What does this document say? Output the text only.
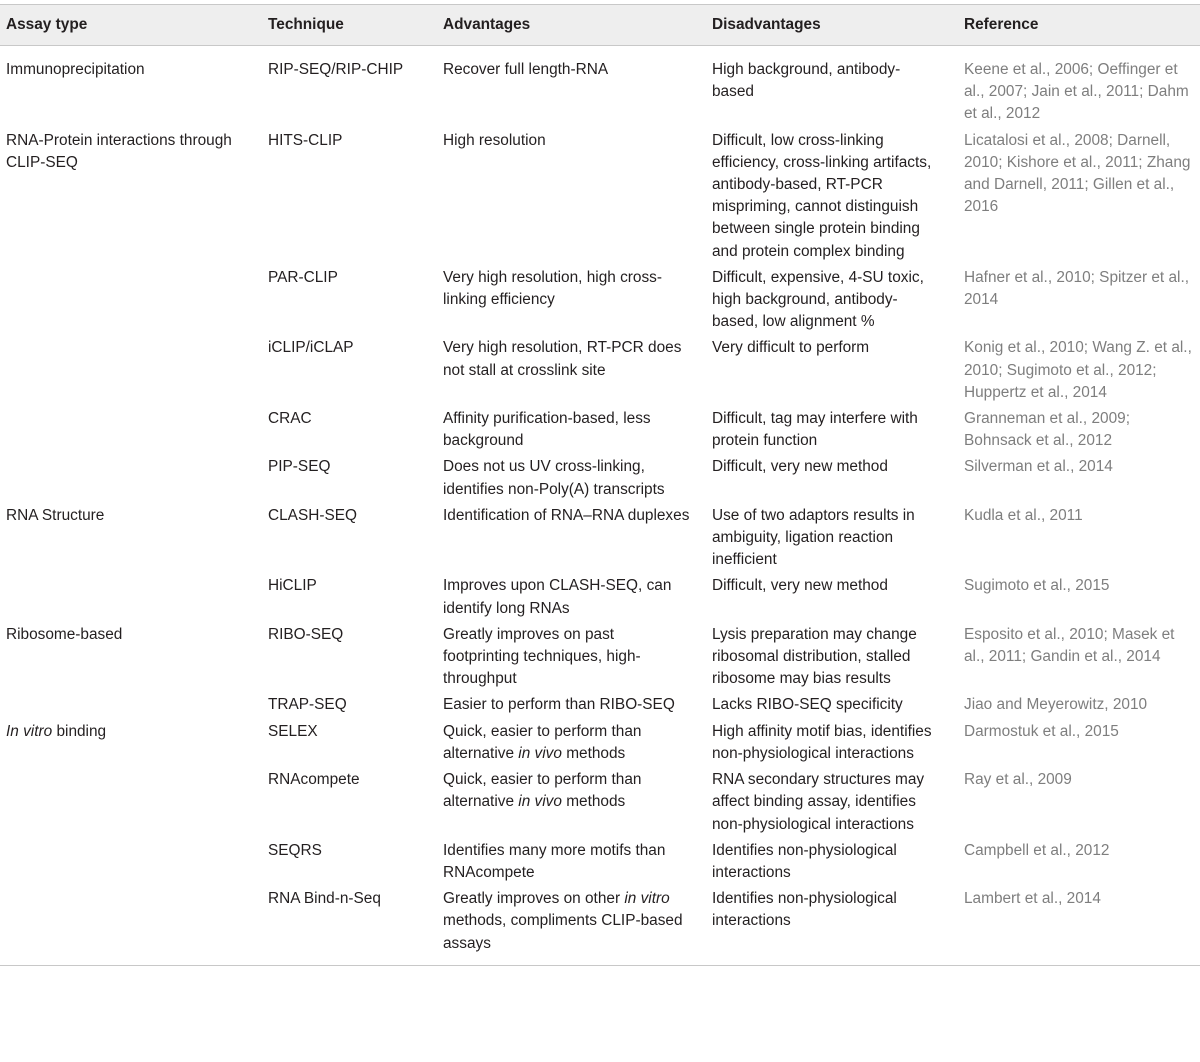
Assay type	Technique	Advantages	Disadvantages	Reference
Immunoprecipitation	RIP-SEQ/RIP-CHIP	Recover full length-RNA	High background, antibody-based	Keene et al., 2006; Oeffinger et al., 2007; Jain et al., 2011; Dahm et al., 2012
RNA-Protein interactions through CLIP-SEQ	HITS-CLIP	High resolution	Difficult, low cross-linking efficiency, cross-linking artifacts, antibody-based, RT-PCR mispriming, cannot distinguish between single protein binding and protein complex binding	Licatalosi et al., 2008; Darnell, 2010; Kishore et al., 2011; Zhang and Darnell, 2011; Gillen et al., 2016
	PAR-CLIP	Very high resolution, high cross-linking efficiency	Difficult, expensive, 4-SU toxic, high background, antibody-based, low alignment %	Hafner et al., 2010; Spitzer et al., 2014
	iCLIP/iCLAP	Very high resolution, RT-PCR does not stall at crosslink site	Very difficult to perform	Konig et al., 2010; Wang Z. et al., 2010; Sugimoto et al., 2012; Huppertz et al., 2014
	CRAC	Affinity purification-based, less background	Difficult, tag may interfere with protein function	Granneman et al., 2009; Bohnsack et al., 2012
	PIP-SEQ	Does not us UV cross-linking, identifies non-Poly(A) transcripts	Difficult, very new method	Silverman et al., 2014
RNA Structure	CLASH-SEQ	Identification of RNA–RNA duplexes	Use of two adaptors results in ambiguity, ligation reaction inefficient	Kudla et al., 2011
	HiCLIP	Improves upon CLASH-SEQ, can identify long RNAs	Difficult, very new method	Sugimoto et al., 2015
Ribosome-based	RIBO-SEQ	Greatly improves on past footprinting techniques, high-throughput	Lysis preparation may change ribosomal distribution, stalled ribosome may bias results	Esposito et al., 2010; Masek et al., 2011; Gandin et al., 2014
	TRAP-SEQ	Easier to perform than RIBO-SEQ	Lacks RIBO-SEQ specificity	Jiao and Meyerowitz, 2010
In vitro binding	SELEX	Quick, easier to perform than alternative in vivo methods	High affinity motif bias, identifies non-physiological interactions	Darmostuk et al., 2015
	RNAcompete	Quick, easier to perform than alternative in vivo methods	RNA secondary structures may affect binding assay, identifies non-physiological interactions	Ray et al., 2009
	SEQRS	Identifies many more motifs than RNAcompete	Identifies non-physiological interactions	Campbell et al., 2012
	RNA Bind-n-Seq	Greatly improves on other in vitro methods, compliments CLIP-based assays	Identifies non-physiological interactions	Lambert et al., 2014
